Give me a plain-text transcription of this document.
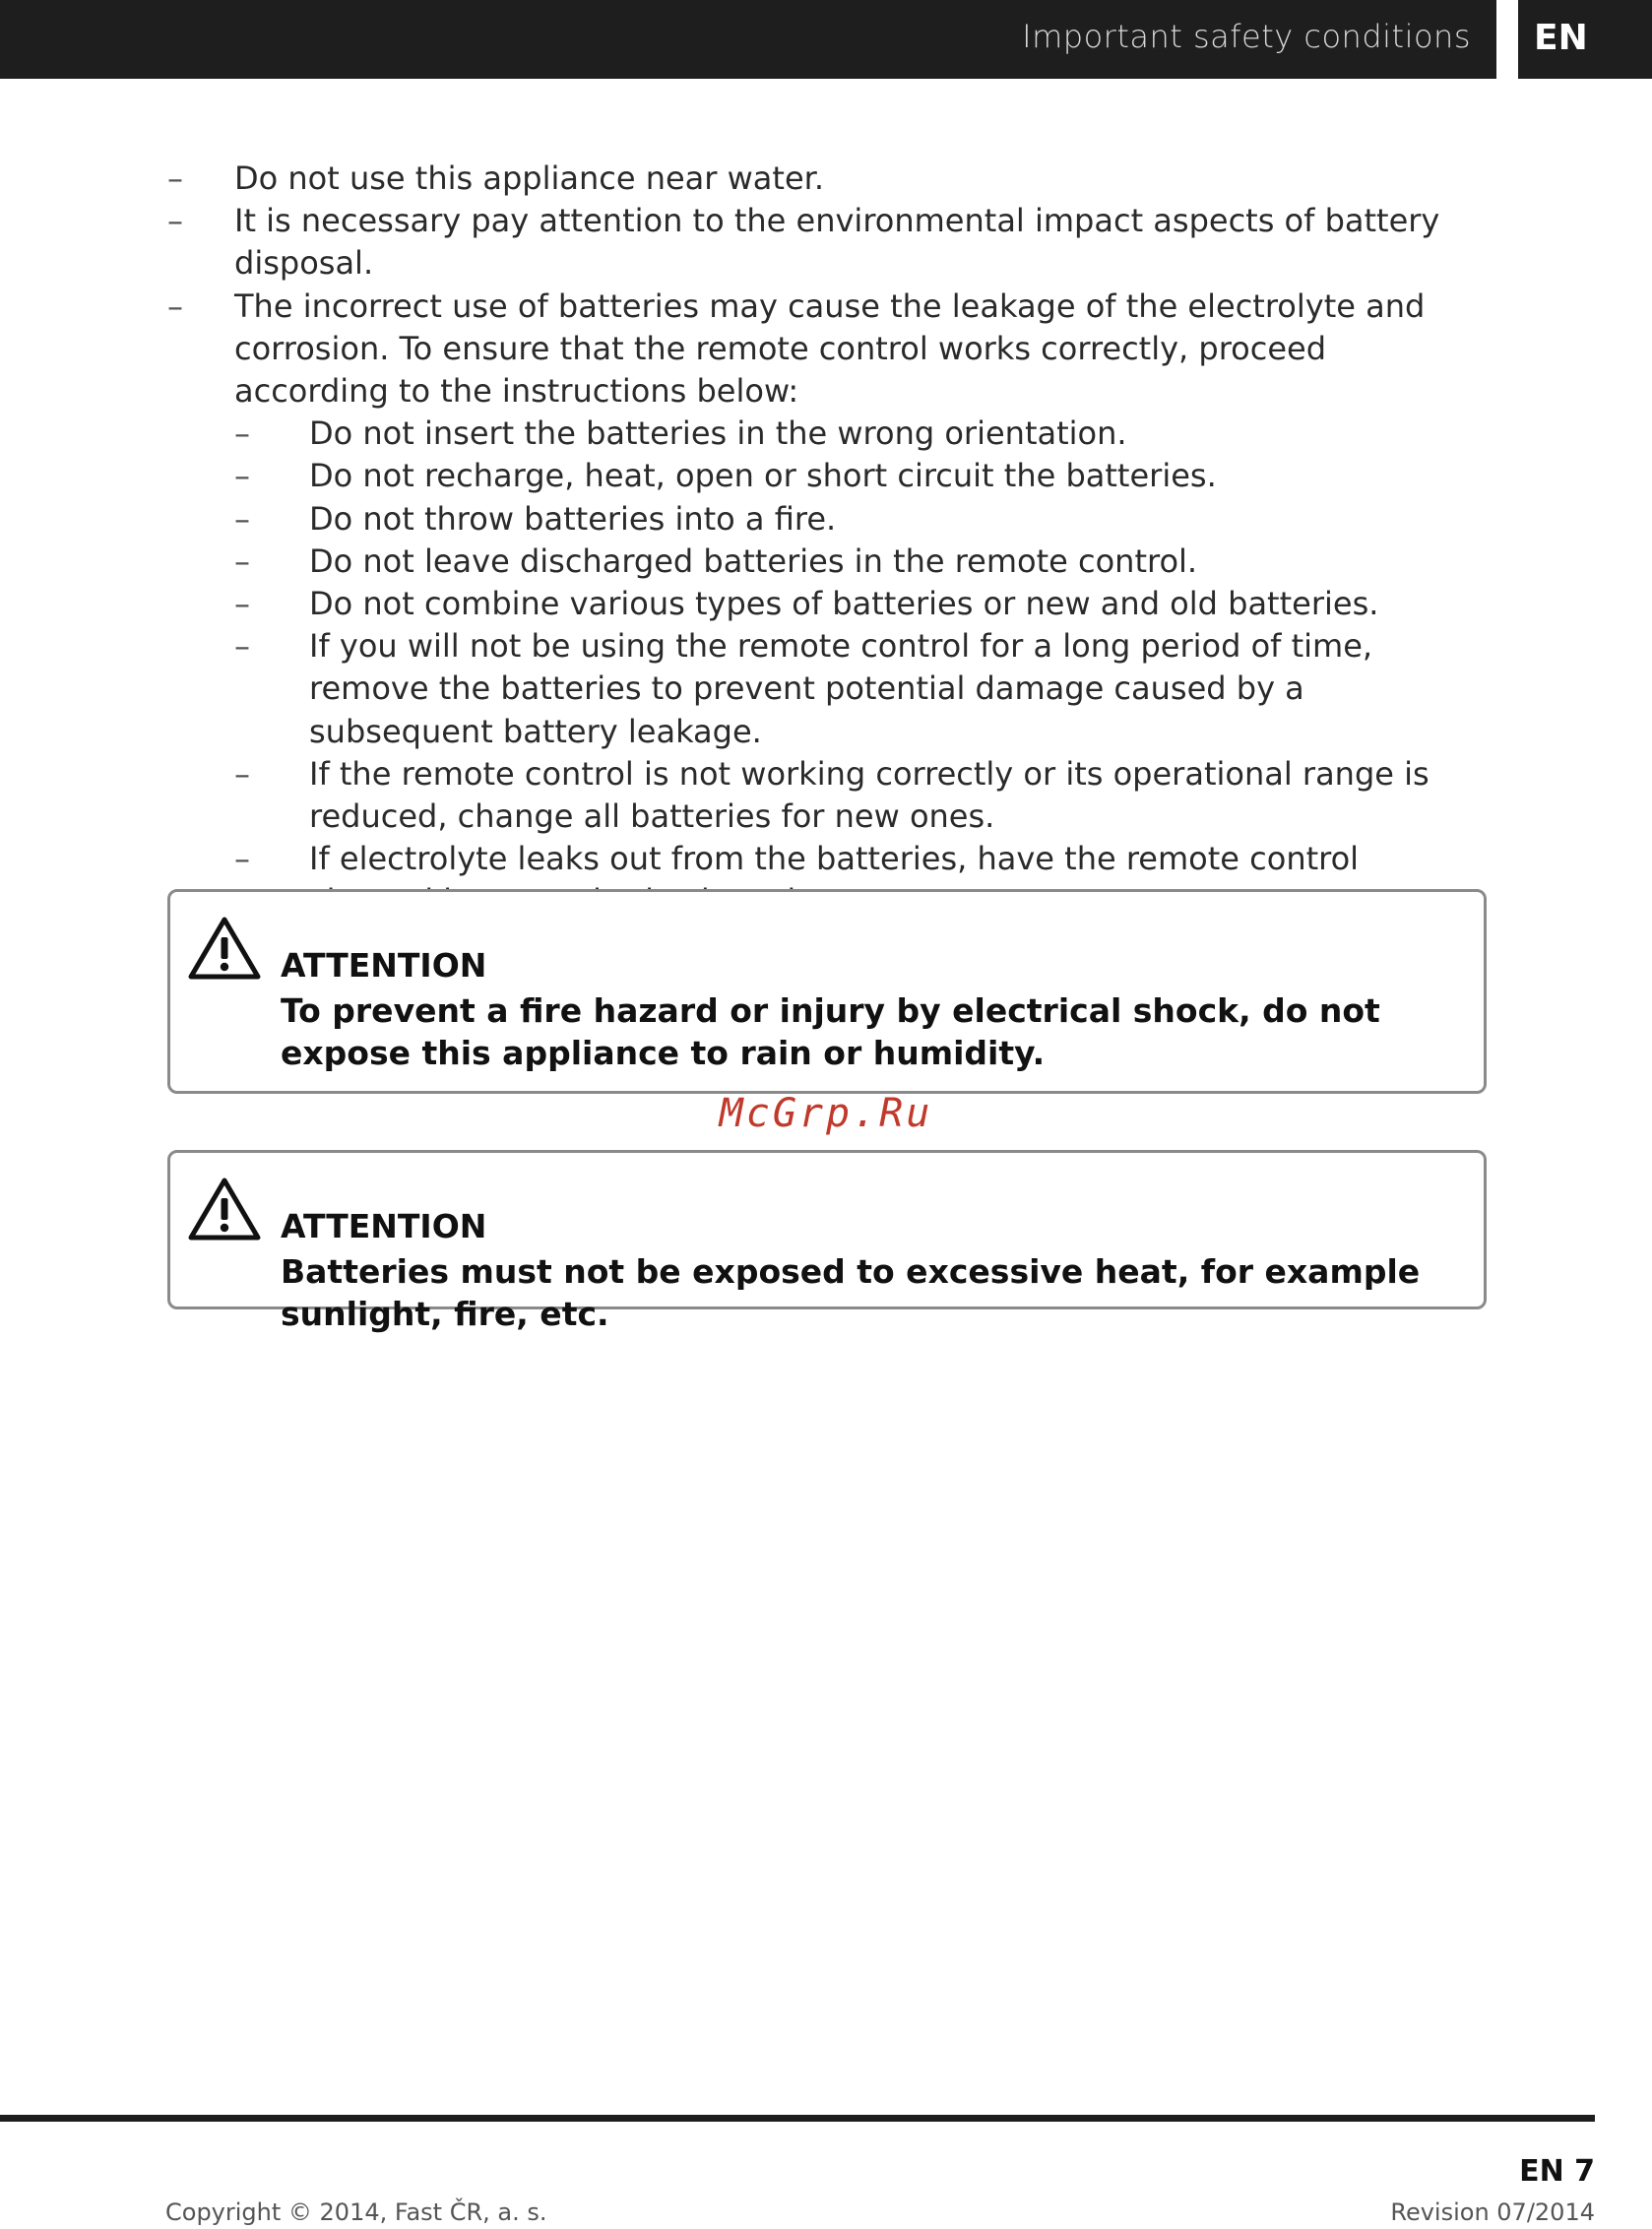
Important safety conditions EN
– Do not use this appliance near water.
– It is necessary pay attention to the environmental impact aspects of battery disposal.
– The incorrect use of batteries may cause the leakage of the electrolyte and corrosion. To ensure that the remote control works correctly, proceed according to the instructions below:
– Do not insert the batteries in the wrong orientation.
– Do not recharge, heat, open or short circuit the batteries.
– Do not throw batteries into a fire.
– Do not leave discharged batteries in the remote control.
– Do not combine various types of batteries or new and old batteries.
– If you will not be using the remote control for a long period of time, remove the batteries to prevent potential damage caused by a subsequent battery leakage.
– If the remote control is not working correctly or its operational range is reduced, change all batteries for new ones.
– If electrolyte leaks out from the batteries, have the remote control
ATTENTION
To prevent a fire hazard or injury by electrical shock, do not expose this appliance to rain or humidity.
McGrp.Ru
ATTENTION
Batteries must not be exposed to excessive heat, for example sunlight, fire, etc.
Copyright © 2014, Fast ČR, a. s.
EN 7
Revision 07/2014
